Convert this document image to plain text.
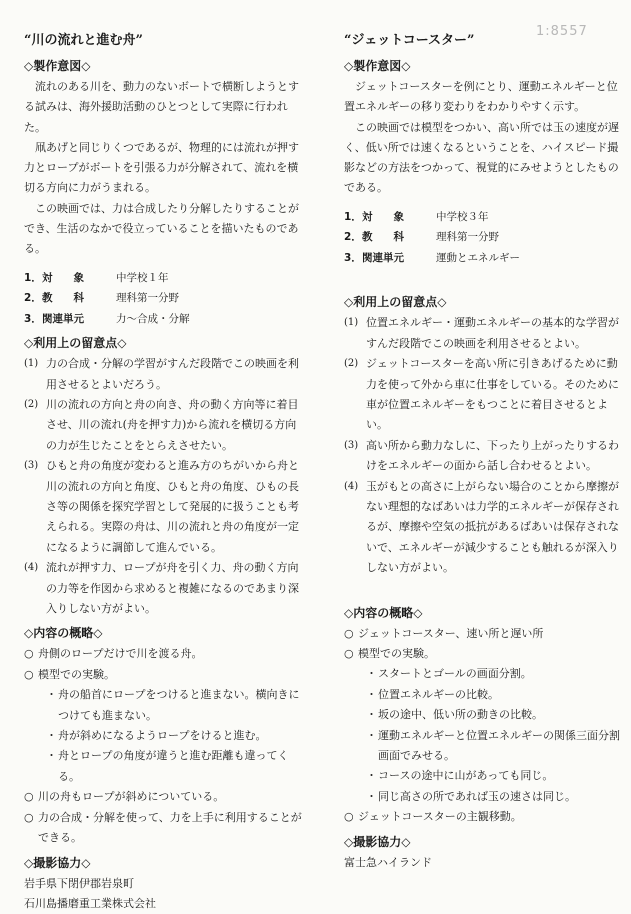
1:8557
“川の流れと進む舟”
◇製作意図◇

流れのある川を、動力のないボートで横断しようとする試みは、海外援助活動のひとつとして実際に行われた。

凧あげと同じりくつであるが、物理的には流れが押す力とロープがボートを引張る力が分解されて、流れを横切る方向に力がうまれる。

この映画では、力は合成したり分解したりすることができ、生活のなかで役立っていることを描いたものである。

1．対　　象	中学校１年
2．教　　科	理科第一分野
3．関連単元	力～合成・分解
◇利用上の留意点◇
(1) 力の合成・分解の学習がすんだ段階でこの映画を利用させるとよいだろう。
(2) 川の流れの方向と舟の向き、舟の動く方向等に着目させ、川の流れ(舟を押す力)から流れを横切る方向の力が生じたことをとらえさせたい。
(3) ひもと舟の角度が変わると進み方のちがいから舟と川の流れの方向と角度、ひもと舟の角度、ひもの長さ等の関係を探究学習として発展的に扱うことも考えられる。実際の舟は、川の流れと舟の角度が一定になるように調節して進んでいる。
(4) 流れが押す力、ロープが舟を引く力、舟の動く方向の力等を作図から求めると複雑になるのであまり深入りしない方がよい。
◇内容の概略◇
○ 舟側のロープだけで川を渡る舟。
○ 模型での実験。
・ 舟の船首にロープをつけると進まない。横向きにつけても進まない。
・ 舟が斜めになるようロープをけると進む。
・ 舟とロープの角度が違うと進む距離も違ってくる。
○ 川の舟もロープが斜めについている。
○ 力の合成・分解を使って、力を上手に利用することができる。
◇撮影協力◇
岩手県下閉伊郡岩泉町
石川島播磨重工業株式会社
“ジェットコースター”
◇製作意図◇

ジェットコースターを例にとり、運動エネルギーと位置エネルギーの移り変わりをわかりやすく示す。

この映画では模型をつかい、高い所では玉の速度が遅く、低い所では速くなるということを、ハイスピード撮影などの方法をつかって、視覚的にみせようとしたものである。

1．対　　象	中学校３年
2．教　　科	理科第一分野
3．関連単元	運動とエネルギー
◇利用上の留意点◇
(1) 位置エネルギー・運動エネルギーの基本的な学習がすんだ段階でこの映画を利用させるとよい。
(2) ジェットコースターを高い所に引きあげるために動力を使って外から車に仕事をしている。そのために車が位置エネルギーをもつことに着目させるとよい。
(3) 高い所から動力なしに、下ったり上がったりするわけをエネルギーの面から話し合わせるとよい。
(4) 玉がもとの高さに上がらない場合のことから摩擦がない理想的なばあいは力学的エネルギーが保存されるが、摩擦や空気の抵抗があるばあいは保存されないで、エネルギーが減少することも触れるが深入りしない方がよい。
◇内容の概略◇
○ ジェットコースター、速い所と遅い所
○ 模型での実験。
・ スタートとゴールの画面分割。
・ 位置エネルギーの比較。
・ 坂の途中、低い所の動きの比較。
・ 運動エネルギーと位置エネルギーの関係三面分割画面でみせる。
・ コースの途中に山があっても同じ。
・ 同じ高さの所であれば玉の速さは同じ。
○ ジェットコースターの主観移動。
◇撮影協力◇
富士急ハイランド
